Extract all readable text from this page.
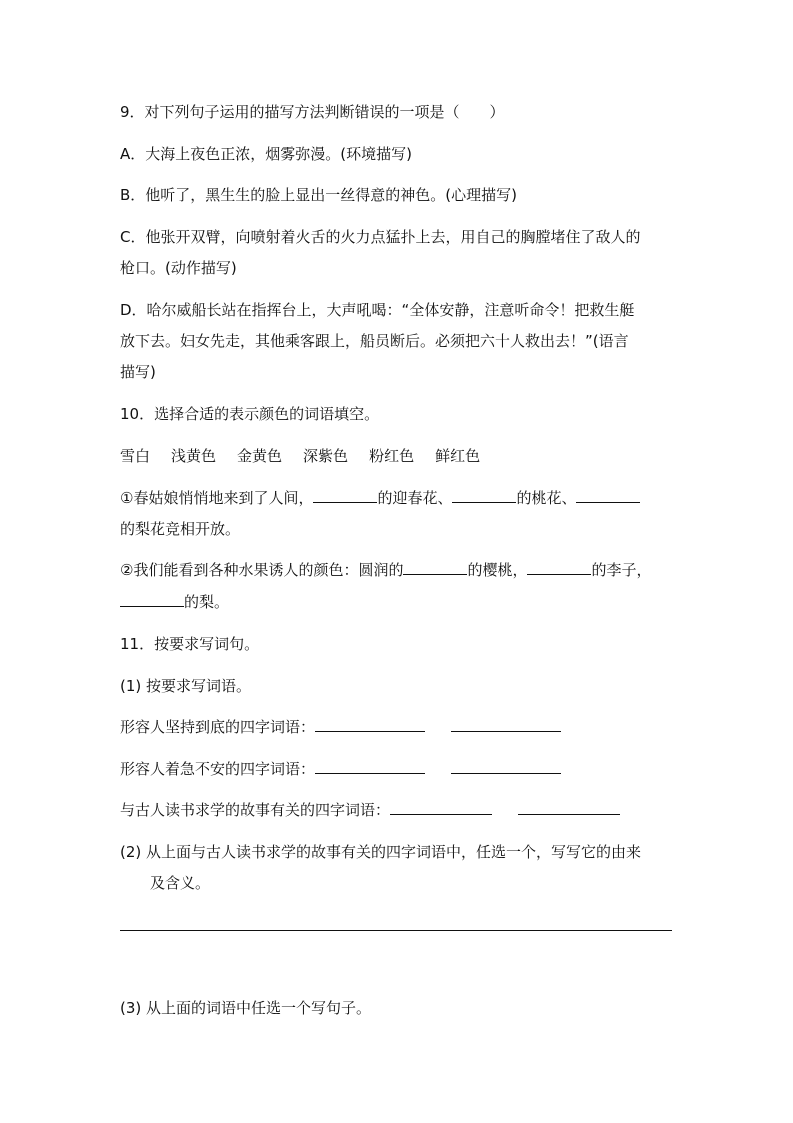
9．对下列句子运用的描写方法判断错误的一项是（　　）
A．大海上夜色正浓，烟雾弥漫。(环境描写)
B．他听了，黑生生的脸上显出一丝得意的神色。(心理描写)
C．他张开双臂，向喷射着火舌的火力点猛扑上去，用自己的胸膛堵住了敌人的
枪口。(动作描写)
D．哈尔威船长站在指挥台上，大声吼喝：“全体安静，注意听命令！把救生艇
放下去。妇女先走，其他乘客跟上，船员断后。必须把六十人救出去！”(语言
描写)
10．选择合适的表示颜色的词语填空。
雪白 浅黄色 金黄色 深紫色 粉红色 鲜红色
①春姑娘悄悄地来到了人间，	的迎春花、	的桃花、
的梨花竞相开放。
②我们能看到各种水果诱人的颜色：圆润的	的樱桃，	的李子，
的梨。
11．按要求写词句。
(1) 按要求写词语。
形容人坚持到底的四字词语：
形容人着急不安的四字词语：
与古人读书求学的故事有关的四字词语：
(2) 从上面与古人读书求学的故事有关的四字词语中，任选一个，写写它的由来
及含义。
(3) 从上面的词语中任选一个写句子。
